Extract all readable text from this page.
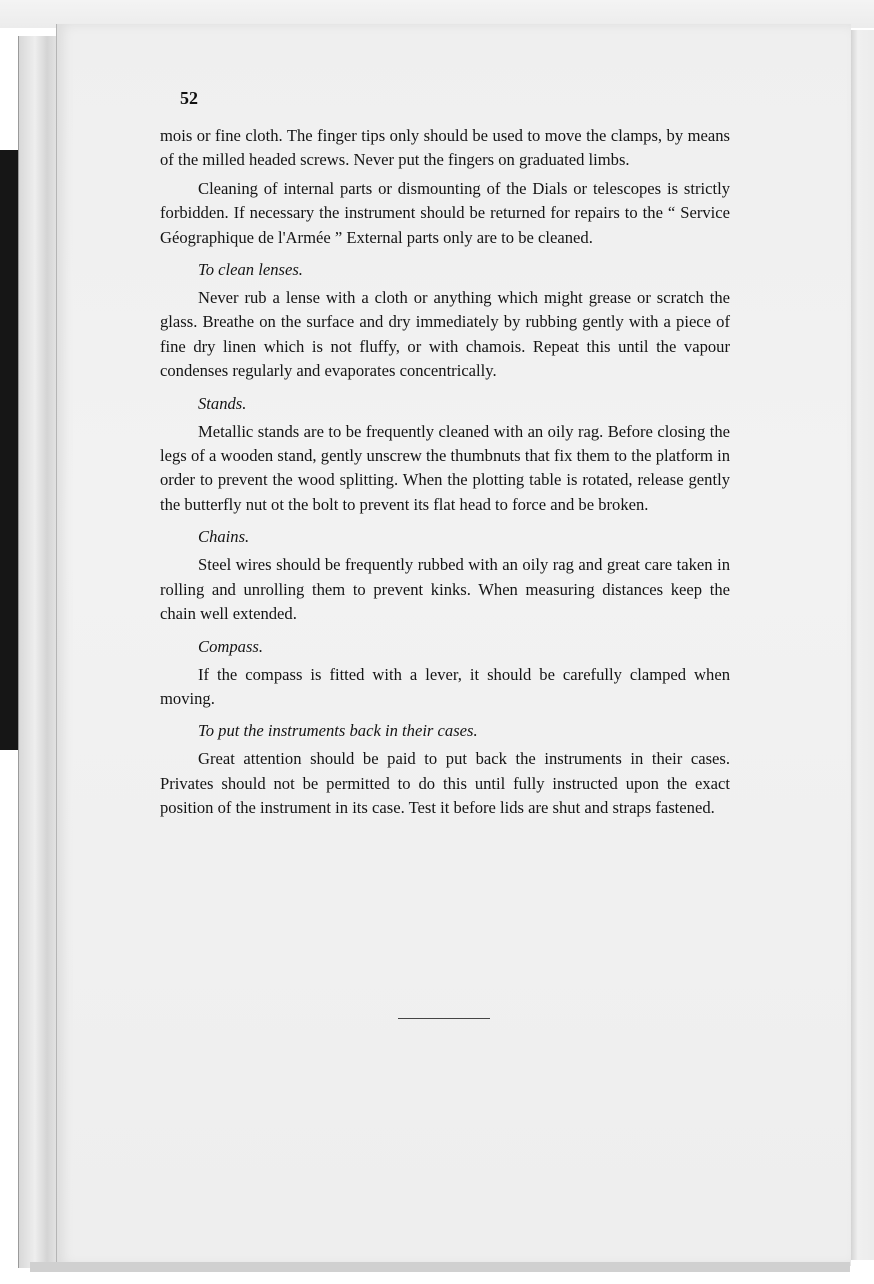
52

mois or fine cloth. The finger tips only should be used to move the clamps, by means of the milled headed screws. Never put the fingers on graduated limbs.

Cleaning of internal parts or dismounting of the Dials or telescopes is strictly forbidden. If necessary the instrument should be returned for repairs to the “ Service Géographique de l'Armée ” External parts only are to be cleaned.

To clean lenses.

Never rub a lense with a cloth or anything which might grease or scratch the glass. Breathe on the surface and dry immediately by rubbing gently with a piece of fine dry linen which is not fluffy, or with chamois. Repeat this until the vapour condenses regularly and evaporates concentrically.

Stands.

Metallic stands are to be frequently cleaned with an oily rag. Before closing the legs of a wooden stand, gently unscrew the thumbnuts that fix them to the platform in order to prevent the wood splitting. When the plotting table is rotated, release gently the butterfly nut ot the bolt to prevent its flat head to force and be broken.

Chains.

Steel wires should be frequently rubbed with an oily rag and great care taken in rolling and unrolling them to prevent kinks. When measuring distances keep the chain well extended.

Compass.

If the compass is fitted with a lever, it should be carefully clamped when moving.

To put the instruments back in their cases.

Great attention should be paid to put back the instruments in their cases. Privates should not be permitted to do this until fully instructed upon the exact position of the instrument in its case. Test it before lids are shut and straps fastened.
